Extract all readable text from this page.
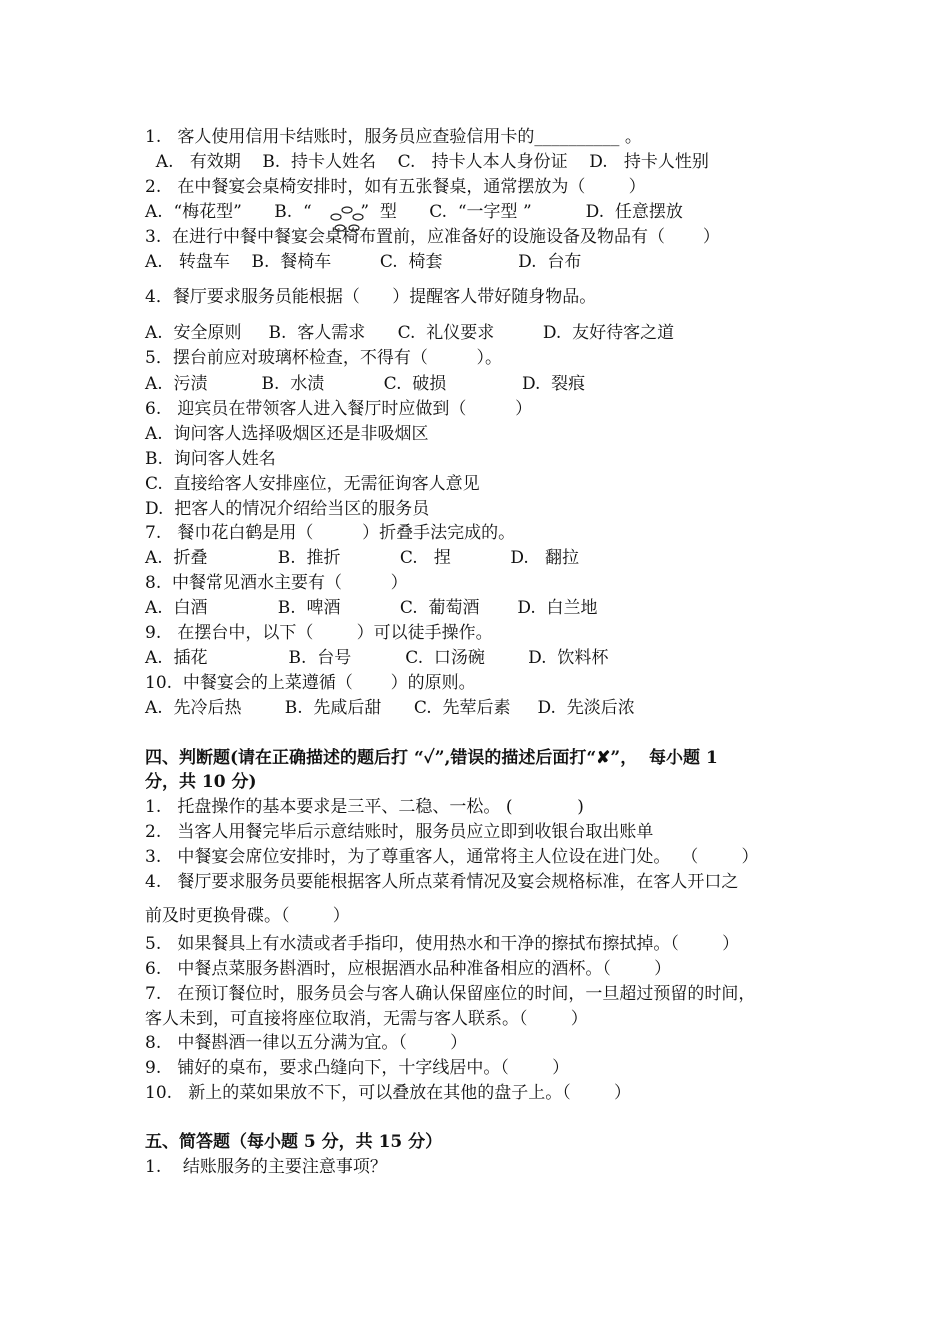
1.   客人使用信用卡结账时，服务员应查验信用卡的__________ 。
A.   有效期    B.  持卡人姓名    C.   持卡人本人身份证    D.   持卡人性别
2.   在中餐宴会桌椅安排时，如有五张餐桌，通常摆放为（        ）
A.  “梅花型”      B.  “         ”  型      C.  “一字型 ”          D.  任意摆放
3.  在进行中餐中餐宴会桌椅布置前，应准备好的设施设备及物品有（       ）
A.   转盘车    B.  餐椅车         C.  椅套              D.  台布
4．餐厅要求服务员能根据（      ）提醒客人带好随身物品。
A.  安全原则     B.  客人需求      C.  礼仪要求         D.  友好待客之道
5．摆台前应对玻璃杯检查，不得有（         ）。
A.  污渍          B.  水渍           C.  破损              D.  裂痕
6.   迎宾员在带领客人进入餐厅时应做到（         ）
A.  询问客人选择吸烟区还是非吸烟区
B.  询问客人姓名
C.  直接给客人安排座位，无需征询客人意见
D.  把客人的情况介绍给当区的服务员
7.   餐巾花白鹤是用（         ）折叠手法完成的。
A.  折叠             B.  推折           C.   捏           D.   翻拉
8.  中餐常见酒水主要有（         ）
A.  白酒             B.  啤酒           C.  葡萄酒       D.  白兰地
9.   在摆台中，以下（        ）可以徒手操作。
A.  插花               B.  台号          C.  口汤碗        D.  饮料杯
10.  中餐宴会的上菜遵循（       ）的原则。
A.  先冷后热        B.  先咸后甜      C.  先荤后素     D.  先淡后浓
四、判断题(请在正确描述的题后打 “✓”,错误的描述后面打“✘”，  每小题 1
分，共 10 分)
1.   托盘操作的基本要求是三平、二稳、一松。 (            )
2.   当客人用餐完毕后示意结账时，服务员应立即到收银台取出账单
3.   中餐宴会席位安排时，为了尊重客人，通常将主人位设在进门处。  （        ）
4.   餐厅要求服务员要能根据客人所点菜肴情况及宴会规格标准，在客人开口之
前及时更换骨碟。（        ）
5.   如果餐具上有水渍或者手指印，使用热水和干净的擦拭布擦拭掉。（        ）
6.   中餐点菜服务斟酒时，应根据酒水品种准备相应的酒杯。（        ）
7.   在预订餐位时，服务员会与客人确认保留座位的时间，一旦超过预留的时间，
客人未到，可直接将座位取消，无需与客人联系。（        ）
8.   中餐斟酒一律以五分满为宜。（        ）
9.   铺好的桌布，要求凸缝向下，十字线居中。（        ）
10.   新上的菜如果放不下，可以叠放在其他的盘子上。（        ）
五、简答题（每小题 5 分，共 15 分）
1.    结账服务的主要注意事项？
